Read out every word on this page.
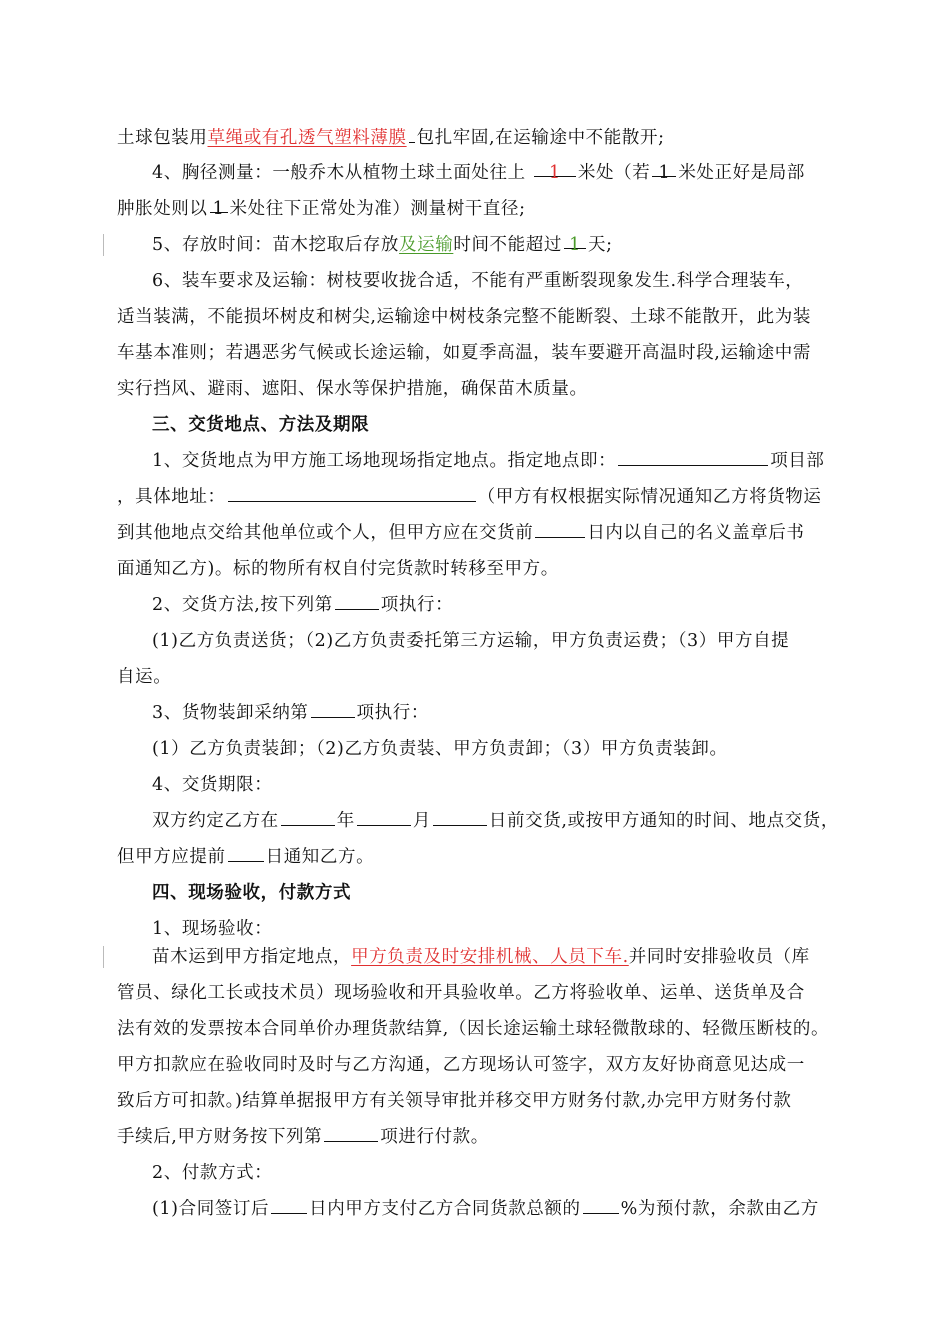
土球包装用草绳或有孔透气塑料薄膜 包扎牢固,在运输途中不能散开;
4、胸径测量：一般乔木从植物土球土面处往上 1 米处（若 1 米处正好是局部
肿胀处则以 1 米处往下正常处为准）测量树干直径;
5、存放时间：苗木挖取后存放及运输时间不能超过 1 天;
6、装车要求及运输：树枝要收拢合适，不能有严重断裂现象发生.科学合理装车，
适当装满，不能损坏树皮和树尖,运输途中树枝条完整不能断裂、土球不能散开，此为装
车基本准则；若遇恶劣气候或长途运输，如夏季高温，装车要避开高温时段,运输途中需
实行挡风、避雨、遮阳、保水等保护措施，确保苗木质量。
三、交货地点、方法及期限
1、交货地点为甲方施工场地现场指定地点。指定地点即：	项目部
，具体地址：	（甲方有权根据实际情况通知乙方将货物运
到其他地点交给其他单位或个人，但甲方应在交货前	日内以自己的名义盖章后书
面通知乙方)。标的物所有权自付完货款时转移至甲方。
2、交货方法,按下列第	项执行：
(1)乙方负责送货；（2)乙方负责委托第三方运输，甲方负责运费；（3）甲方自提
自运。
3、货物装卸采纳第	项执行：
(1）乙方负责装卸；（2)乙方负责装、甲方负责卸；（3）甲方负责装卸。
4、交货期限：
双方约定乙方在	年	月	日前交货,或按甲方通知的时间、地点交货，
但甲方应提前 日通知乙方。
四、现场验收，付款方式
1、现场验收：
苗木运到甲方指定地点，甲方负责及时安排机械、人员下车.并同时安排验收员（库
管员、绿化工长或技术员）现场验收和开具验收单。乙方将验收单、运单、送货单及合
法有效的发票按本合同单价办理货款结算,（因长途运输土球轻微散球的、轻微压断枝的。
甲方扣款应在验收同时及时与乙方沟通，乙方现场认可签字，双方友好协商意见达成一
致后方可扣款。)结算单据报甲方有关领导审批并移交甲方财务付款,办完甲方财务付款
手续后,甲方财务按下列第	项进行付款。
2、付款方式：
(1)合同签订后 日内甲方支付乙方合同货款总额的 %为预付款，余款由乙方
